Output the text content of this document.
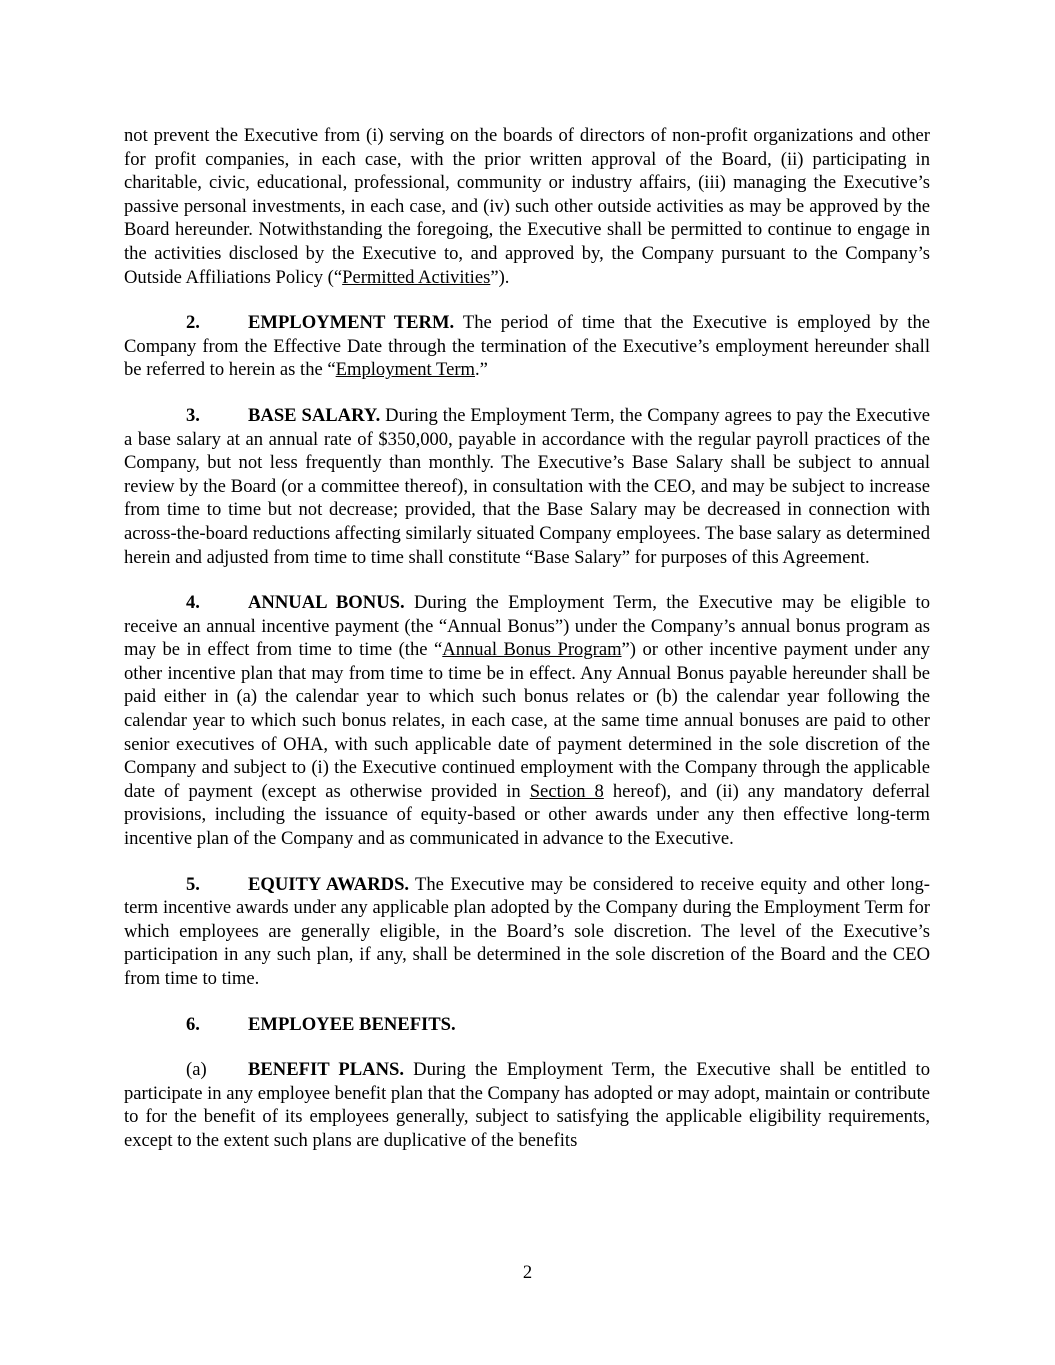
not prevent the Executive from (i) serving on the boards of directors of non-profit organizations and other for profit companies, in each case, with the prior written approval of the Board, (ii) participating in charitable, civic, educational, professional, community or industry affairs, (iii) managing the Executive’s passive personal investments, in each case, and (iv) such other outside activities as may be approved by the Board hereunder. Notwithstanding the foregoing, the Executive shall be permitted to continue to engage in the activities disclosed by the Executive to, and approved by, the Company pursuant to the Company’s Outside Affiliations Policy (“Permitted Activities”).

2.	EMPLOYMENT TERM. The period of time that the Executive is employed by the Company from the Effective Date through the termination of the Executive’s employment hereunder shall be referred to herein as the “Employment Term.”

3.	BASE SALARY. During the Employment Term, the Company agrees to pay the Executive a base salary at an annual rate of $350,000, payable in accordance with the regular payroll practices of the Company, but not less frequently than monthly. The Executive’s Base Salary shall be subject to annual review by the Board (or a committee thereof), in consultation with the CEO, and may be subject to increase from time to time but not decrease; provided, that the Base Salary may be decreased in connection with across-the-board reductions affecting similarly situated Company employees. The base salary as determined herein and adjusted from time to time shall constitute “Base Salary” for purposes of this Agreement.

4.	ANNUAL BONUS. During the Employment Term, the Executive may be eligible to receive an annual incentive payment (the “Annual Bonus”) under the Company’s annual bonus program as may be in effect from time to time (the “Annual Bonus Program”) or other incentive payment under any other incentive plan that may from time to time be in effect. Any Annual Bonus payable hereunder shall be paid either in (a) the calendar year to which such bonus relates or (b) the calendar year following the calendar year to which such bonus relates, in each case, at the same time annual bonuses are paid to other senior executives of OHA, with such applicable date of payment determined in the sole discretion of the Company and subject to (i) the Executive continued employment with the Company through the applicable date of payment (except as otherwise provided in Section 8 hereof), and (ii) any mandatory deferral provisions, including the issuance of equity-based or other awards under any then effective long-term incentive plan of the Company and as communicated in advance to the Executive.

5.	EQUITY AWARDS. The Executive may be considered to receive equity and other long-term incentive awards under any applicable plan adopted by the Company during the Employment Term for which employees are generally eligible, in the Board’s sole discretion. The level of the Executive’s participation in any such plan, if any, shall be determined in the sole discretion of the Board and the CEO from time to time.

6.	EMPLOYEE BENEFITS.

(a) BENEFIT PLANS. During the Employment Term, the Executive shall be entitled to participate in any employee benefit plan that the Company has adopted or may adopt, maintain or contribute to for the benefit of its employees generally, subject to satisfying the applicable eligibility requirements, except to the extent such plans are duplicative of the benefits

2
